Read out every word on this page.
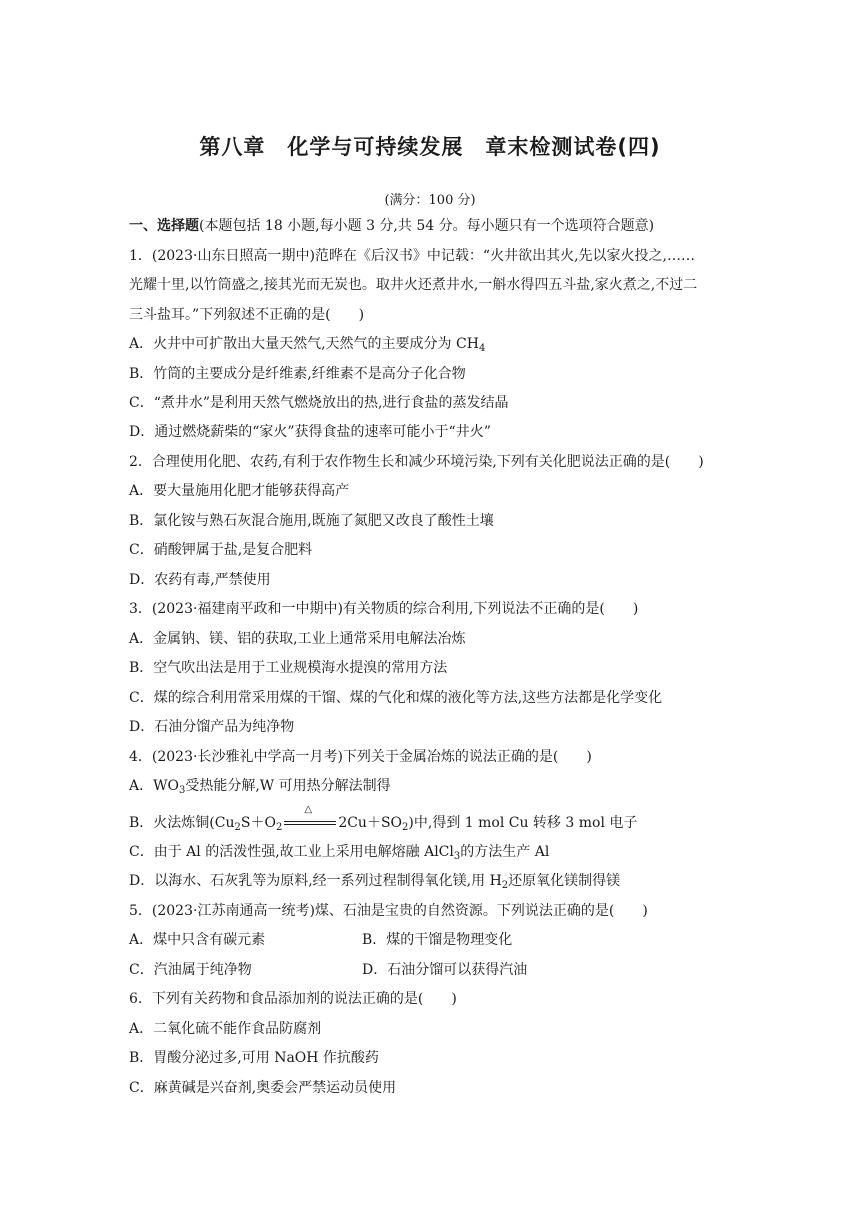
第八章　化学与可持续发展　章末检测试卷(四)
(满分：100 分)
一、选择题(本题包括 18 小题,每小题 3 分,共 54 分。每小题只有一个选项符合题意)
1．(2023·山东日照高一期中)范晔在《后汉书》中记载：“火井欲出其火,先以家火投之,……
光耀十里,以竹筒盛之,接其光而无炭也。取井火还煮井水,一斛水得四五斗盐,家火煮之,不过二
三斗盐耳。”下列叙述不正确的是(　　)
A．火井中可扩散出大量天然气,天然气的主要成分为 $CH_4$
B．竹筒的主要成分是纤维素,纤维素不是高分子化合物
C．“煮井水”是利用天然气燃烧放出的热,进行食盐的蒸发结晶
D．通过燃烧薪柴的“家火”获得食盐的速率可能小于“井火”
2．合理使用化肥、农药,有利于农作物生长和减少环境污染,下列有关化肥说法正确的是(　　)
A．要大量施用化肥才能够获得高产
B．氯化铵与熟石灰混合施用,既施了氮肥又改良了酸性土壤
C．硝酸钾属于盐,是复合肥料
D．农药有毒,严禁使用
3．(2023·福建南平政和一中期中)有关物质的综合利用,下列说法不正确的是(　　)
A．金属钠、镁、铝的获取,工业上通常采用电解法冶炼
B．空气吹出法是用于工业规模海水提溴的常用方法
C．煤的综合利用常采用煤的干馏、煤的气化和煤的液化等方法,这些方法都是化学变化
D．石油分馏产品为纯净物
4．(2023·长沙雅礼中学高一月考)下列关于金属冶炼的说法正确的是(　　)
A．$WO_3$受热能分解,W 可用热分解法制得
B．火法炼铜($Cu_2S+O_2$
△
$2Cu+SO_2$)中,得到 1 mol Cu 转移 3 mol 电子
C．由于 Al 的活泼性强,故工业上采用电解熔融 AlCl$_3$的方法生产 Al
D．以海水、石灰乳等为原料,经一系列过程制得氧化镁,用 $H_2$还原氧化镁制得镁
5．(2023·江苏南通高一统考)煤、石油是宝贵的自然资源。下列说法正确的是(　　)
A．煤中只含有碳元素	B．煤的干馏是物理变化
C．汽油属于纯净物	D．石油分馏可以获得汽油
6．下列有关药物和食品添加剂的说法正确的是(　　)
A．二氧化硫不能作食品防腐剂
B．胃酸分泌过多,可用 NaOH 作抗酸药
C．麻黄碱是兴奋剂,奥委会严禁运动员使用
